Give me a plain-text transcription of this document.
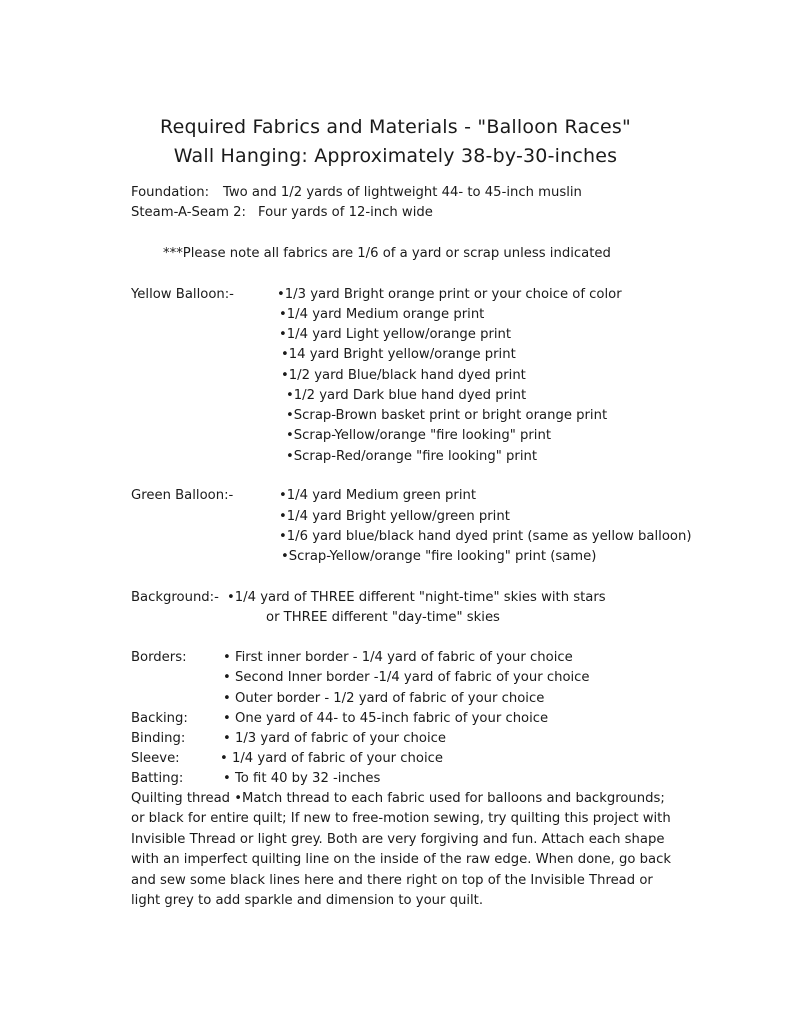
Required Fabrics and Materials - "Balloon Races"
Wall Hanging: Approximately 38-by-30-inches
Foundation: Two and 1/2 yards of lightweight 44- to 45-inch muslin
Steam-A-Seam 2: Four yards of 12-inch wide
***Please note all fabrics are 1/6 of a yard or scrap unless indicated
Yellow Balloon:-	•1/3 yard Bright orange print or your choice of color
•1/4 yard Medium orange print
•1/4 yard Light yellow/orange print
•14 yard Bright yellow/orange print
•1/2 yard Blue/black hand dyed print
•1/2 yard Dark blue hand dyed print
•Scrap-Brown basket print or bright orange print
•Scrap-Yellow/orange "fire looking" print
•Scrap-Red/orange "fire looking" print
Green Balloon:-	•1/4 yard Medium green print
•1/4 yard Bright yellow/green print
•1/6 yard blue/black hand dyed print (same as yellow balloon)
•Scrap-Yellow/orange "fire looking" print (same)
Background:- •1/4 yard of THREE different "night-time" skies with stars
or THREE different "day-time" skies
Borders:	• First inner border - 1/4 yard of fabric of your choice
• Second Inner border -1/4 yard of fabric of your choice
• Outer border - 1/2 yard of fabric of your choice
Backing:	• One yard of 44- to 45-inch fabric of your choice
Binding:	• 1/3 yard of fabric of your choice
Sleeve:	• 1/4 yard of fabric of your choice
Batting:	• To fit 40 by 32 -inches
Quilting thread •Match thread to each fabric used for balloons and backgrounds; or black for entire quilt; If new to free-motion sewing, try quilting this project with Invisible Thread or light grey. Both are very forgiving and fun. Attach each shape with an imperfect quilting line on the inside of the raw edge. When done, go back and sew some black lines here and there right on top of the Invisible Thread or light grey to add sparkle and dimension to your quilt.
